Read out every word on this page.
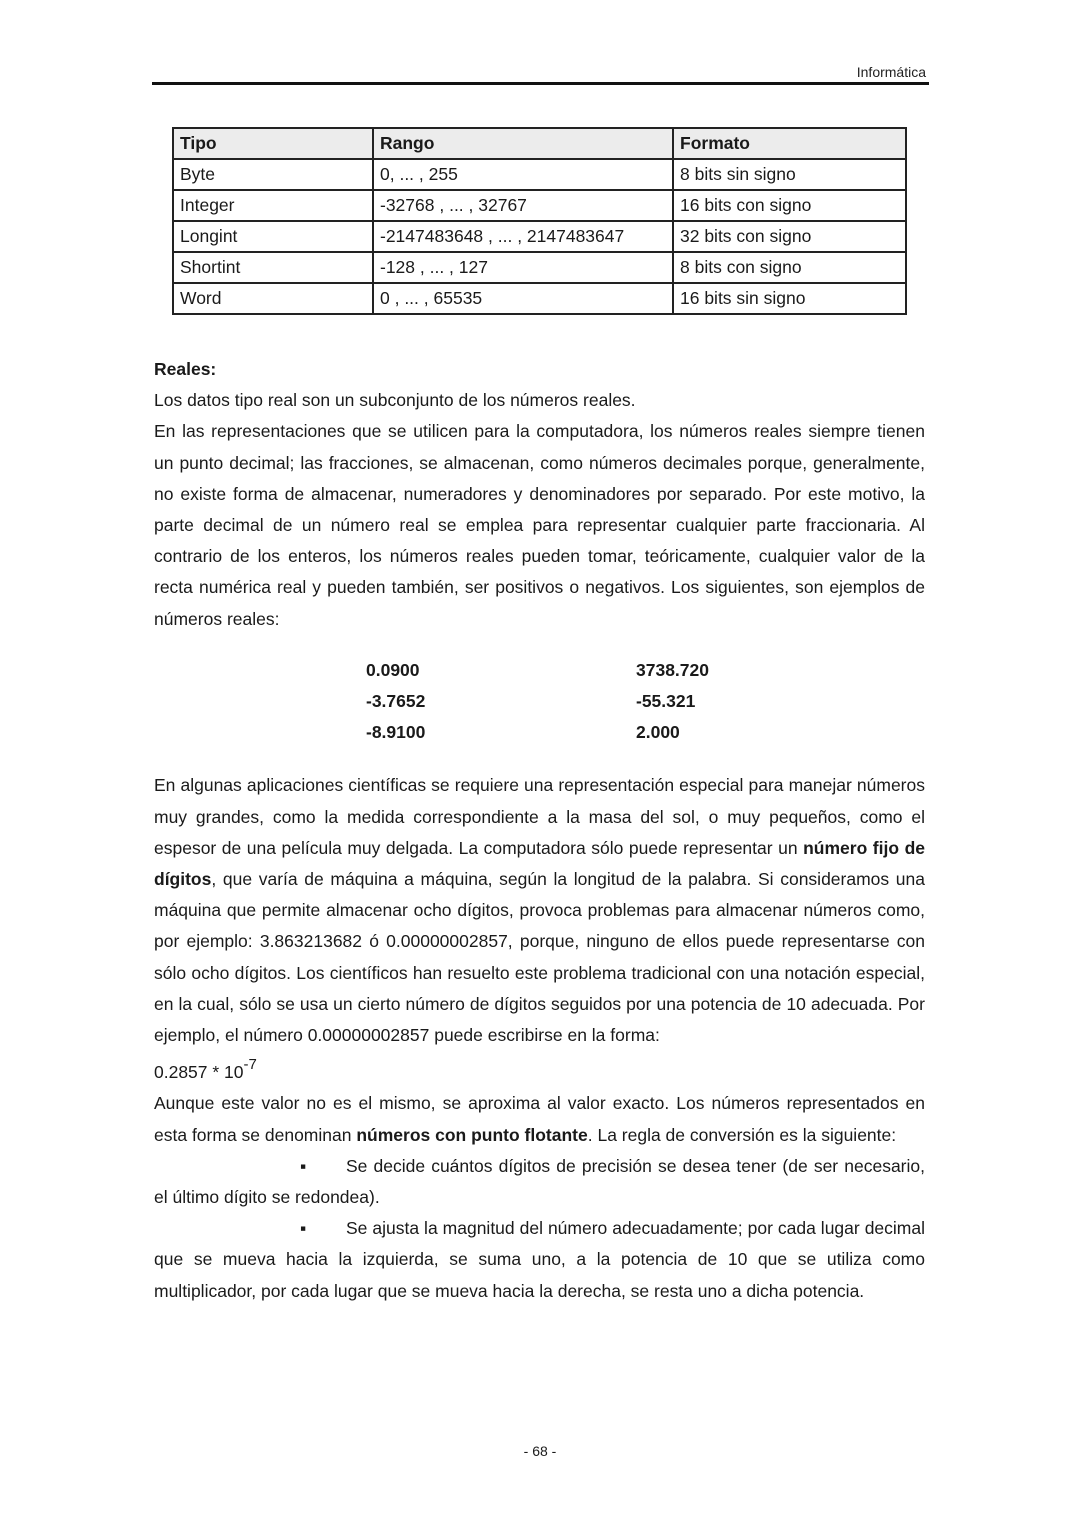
Informática
Tipo	Rango	Formato
Byte	0, ... , 255	8 bits sin signo
Integer	-32768 , ... , 32767	16 bits con signo
Longint	-2147483648 , ... , 2147483647	32 bits con signo
Shortint	-128 , ... , 127	8 bits con signo
Word	0 , ... , 65535	16 bits sin signo

Reales:

Los datos tipo real son un subconjunto de los números reales.

En las representaciones que se utilicen para la computadora, los números reales siempre tienen un punto decimal; las fracciones, se almacenan, como números decimales porque, generalmente, no existe forma de almacenar, numeradores y denominadores por separado. Por este motivo, la parte decimal de un número real se emplea para representar cualquier parte fraccionaria. Al contrario de los enteros, los números reales pueden tomar, teóricamente, cualquier valor de la recta numérica real y pueden también, ser positivos o negativos. Los siguientes, son ejemplos de números reales:

0.0900	3738.720
-3.7652	-55.321
-8.9100	2.000

En algunas aplicaciones científicas se requiere una representación especial para manejar números muy grandes, como la medida correspondiente a la masa del sol, o muy pequeños, como el espesor de una película muy delgada. La computadora sólo puede representar un número fijo de dígitos, que varía de máquina a máquina, según la longitud de la palabra. Si consideramos una máquina que permite almacenar ocho dígitos, provoca problemas para almacenar números como, por ejemplo: 3.863213682 ó 0.00000002857, porque, ninguno de ellos puede representarse con sólo ocho dígitos. Los científicos han resuelto este problema tradicional con una notación especial, en la cual, sólo se usa un cierto número de dígitos seguidos por una potencia de 10 adecuada. Por ejemplo, el número 0.00000002857 puede escribirse en la forma:

$0.2857 * 10^{-7}$

Aunque este valor no es el mismo, se aproxima al valor exacto. Los números representados en esta forma se denominan números con punto flotante. La regla de conversión es la siguiente:

▪ Se decide cuántos dígitos de precisión se desea tener (de ser necesario, el último dígito se redondea).

▪ Se ajusta la magnitud del número adecuadamente; por cada lugar decimal que se mueva hacia la izquierda, se suma uno, a la potencia de 10 que se utiliza como multiplicador, por cada lugar que se mueva hacia la derecha, se resta uno a dicha potencia.

- 68 -
